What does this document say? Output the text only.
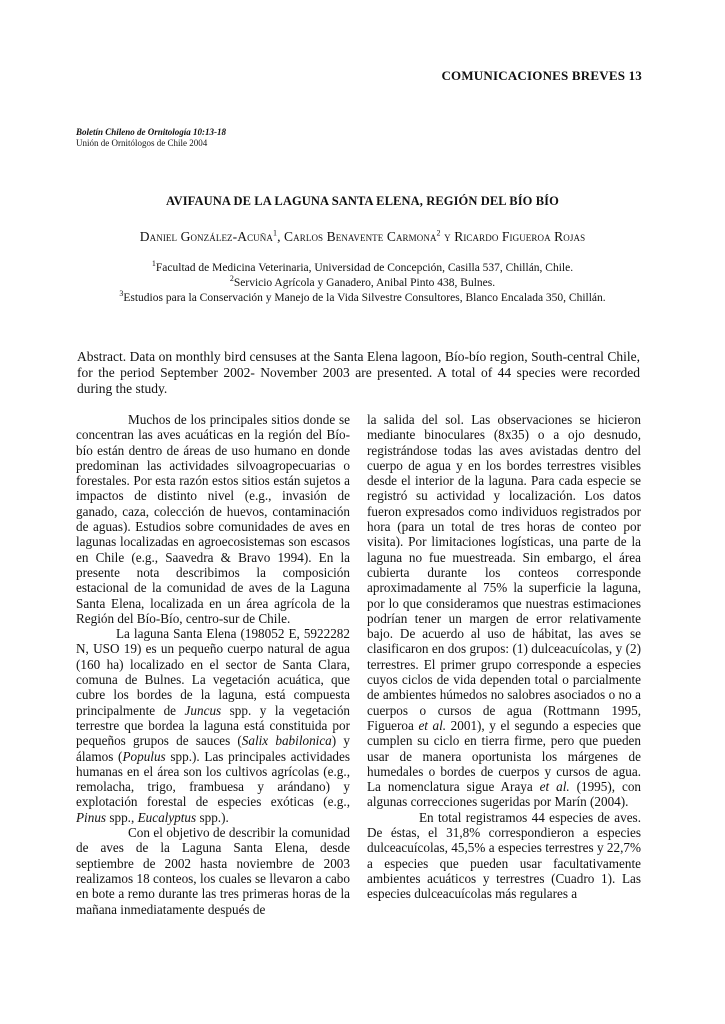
COMUNICACIONES BREVES 13
Boletín Chileno de Ornitología 10:13-18
Unión de Ornitólogos de Chile 2004
AVIFAUNA DE LA LAGUNA SANTA ELENA, REGIÓN DEL BÍO BÍO
Daniel González-Acuña$^1$, Carlos Benavente Carmona$^2$ y Ricardo Figueroa Rojas
$^1$Facultad de Medicina Veterinaria, Universidad de Concepción, Casilla 537, Chillán, Chile.
$^2$Servicio Agrícola y Ganadero, Anibal Pinto 438, Bulnes.
$^3$Estudios para la Conservación y Manejo de la Vida Silvestre Consultores, Blanco Encalada 350, Chillán.
Abstract. Data on monthly bird censuses at the Santa Elena lagoon, Bío-bío region, South-central Chile, for the period September 2002- November 2003 are presented. A total of 44 species were recorded during the study.

Muchos de los principales sitios donde se concentran las aves acuáticas en la región del Bío-bío están dentro de áreas de uso humano en donde predominan las actividades silvoagropecuarias o forestales. Por esta razón estos sitios están sujetos a impactos de distinto nivel (e.g., invasión de ganado, caza, colección de huevos, contaminación de aguas). Estudios sobre comunidades de aves en lagunas localizadas en agroecosistemas son escasos en Chile (e.g., Saavedra & Bravo 1994). En la presente nota describimos la composición estacional de la comunidad de aves de la Laguna Santa Elena, localizada en un área agrícola de la Región del Bío-Bío, centro-sur de Chile.

La laguna Santa Elena (198052 E, 5922282 N, USO 19) es un pequeño cuerpo natural de agua (160 ha) localizado en el sector de Santa Clara, comuna de Bulnes. La vegetación acuática, que cubre los bordes de la laguna, está compuesta principalmente de Juncus spp. y la vegetación terrestre que bordea la laguna está constituida por pequeños grupos de sauces (Salix babilonica) y álamos (Populus spp.). Las principales actividades humanas en el área son los cultivos agrícolas (e.g., remolacha, trigo, frambuesa y arándano) y explotación forestal de especies exóticas (e.g., Pinus spp., Eucalyptus spp.).

Con el objetivo de describir la comunidad de aves de la Laguna Santa Elena, desde septiembre de 2002 hasta noviembre de 2003 realizamos 18 conteos, los cuales se llevaron a cabo en bote a remo durante las tres primeras horas de la mañana inmediatamente después de

la salida del sol. Las observaciones se hicieron mediante binoculares (8x35) o a ojo desnudo, registrándose todas las aves avistadas dentro del cuerpo de agua y en los bordes terrestres visibles desde el interior de la laguna. Para cada especie se registró su actividad y localización. Los datos fueron expresados como individuos registrados por hora (para un total de tres horas de conteo por visita). Por limitaciones logísticas, una parte de la laguna no fue muestreada. Sin embargo, el área cubierta durante los conteos corresponde aproximadamente al 75% la superficie la laguna, por lo que consideramos que nuestras estimaciones podrían tener un margen de error relativamente bajo. De acuerdo al uso de hábitat, las aves se clasificaron en dos grupos: (1) dulceacuícolas, y (2) terrestres. El primer grupo corresponde a especies cuyos ciclos de vida dependen total o parcialmente de ambientes húmedos no salobres asociados o no a cuerpos o cursos de agua (Rottmann 1995, Figueroa et al. 2001), y el segundo a especies que cumplen su ciclo en tierra firme, pero que pueden usar de manera oportunista los márgenes de humedales o bordes de cuerpos y cursos de agua. La nomenclatura sigue Araya et al. (1995), con algunas correcciones sugeridas por Marín (2004).

En total registramos 44 especies de aves. De éstas, el 31,8% correspondieron a especies dulceacuícolas, 45,5% a especies terrestres y 22,7% a especies que pueden usar facultativamente ambientes acuáticos y terrestres (Cuadro 1). Las especies dulceacuícolas más regulares a
